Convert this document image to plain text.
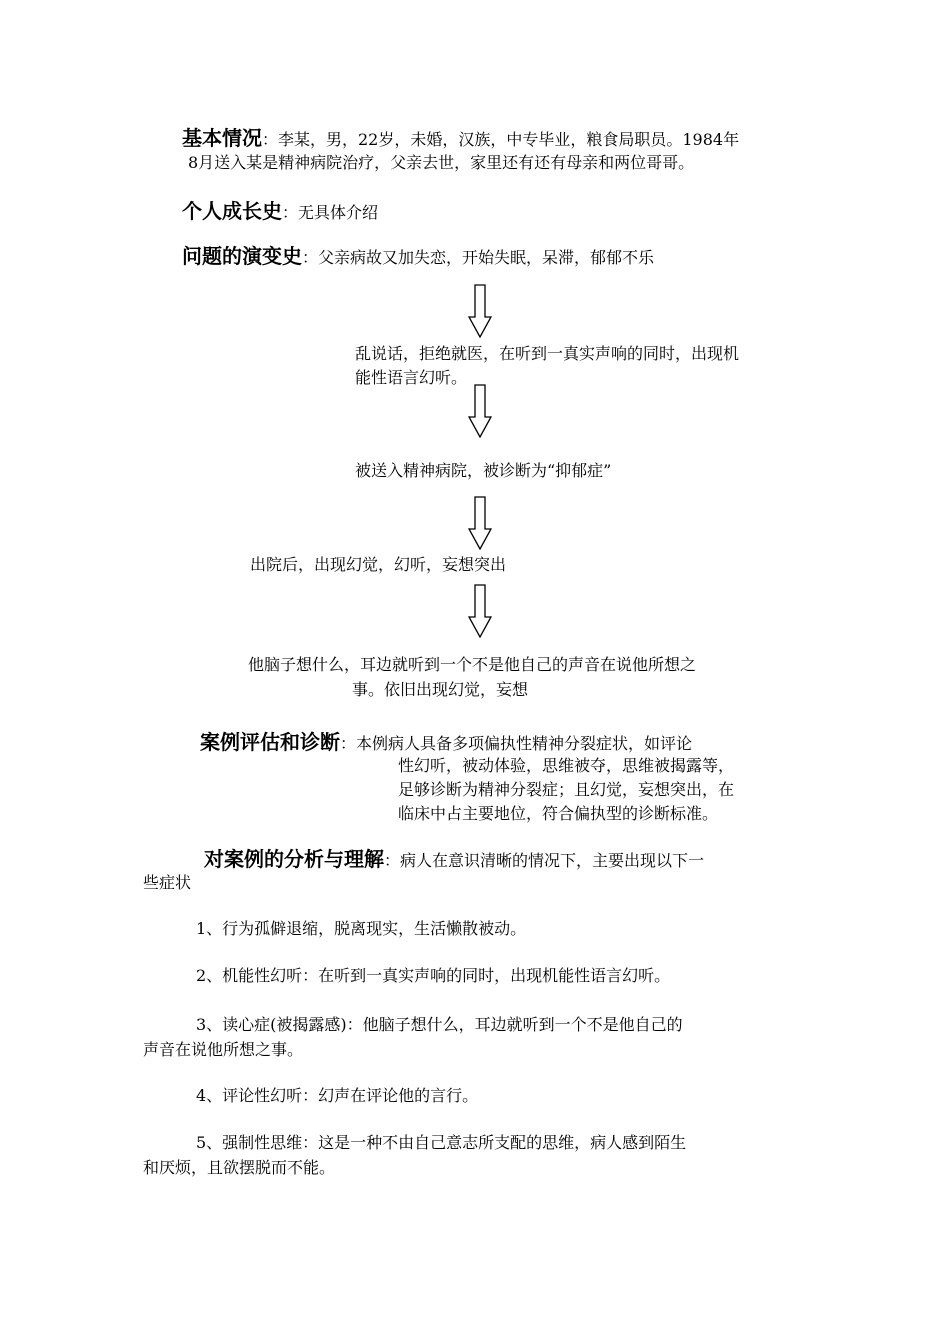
基本情况：李某，男，22岁，未婚，汉族，中专毕业，粮食局职员。1984年
8月送入某是精神病院治疗，父亲去世，家里还有还有母亲和两位哥哥。
个人成长史：无具体介绍
问题的演变史：父亲病故又加失恋，开始失眠，呆滞，郁郁不乐
乱说话，拒绝就医，在听到一真实声响的同时，出现机
能性语言幻听。
被送入精神病院，被诊断为“抑郁症”
出院后，出现幻觉，幻听，妄想突出
他脑子想什么，耳边就听到一个不是他自己的声音在说他所想之
事。依旧出现幻觉，妄想
案例评估和诊断：本例病人具备多项偏执性精神分裂症状，如评论
性幻听，被动体验，思维被夺，思维被揭露等，
足够诊断为精神分裂症；且幻觉，妄想突出，在
临床中占主要地位，符合偏执型的诊断标准。
对案例的分析与理解：病人在意识清晰的情况下，主要出现以下一
些症状
1、行为孤僻退缩，脱离现实，生活懒散被动。
2、机能性幻听：在听到一真实声响的同时，出现机能性语言幻听。
3、读心症(被揭露感)：他脑子想什么，耳边就听到一个不是他自己的
声音在说他所想之事。
4、评论性幻听：幻声在评论他的言行。
5、强制性思维：这是一种不由自己意志所支配的思维，病人感到陌生
和厌烦，且欲摆脱而不能。
